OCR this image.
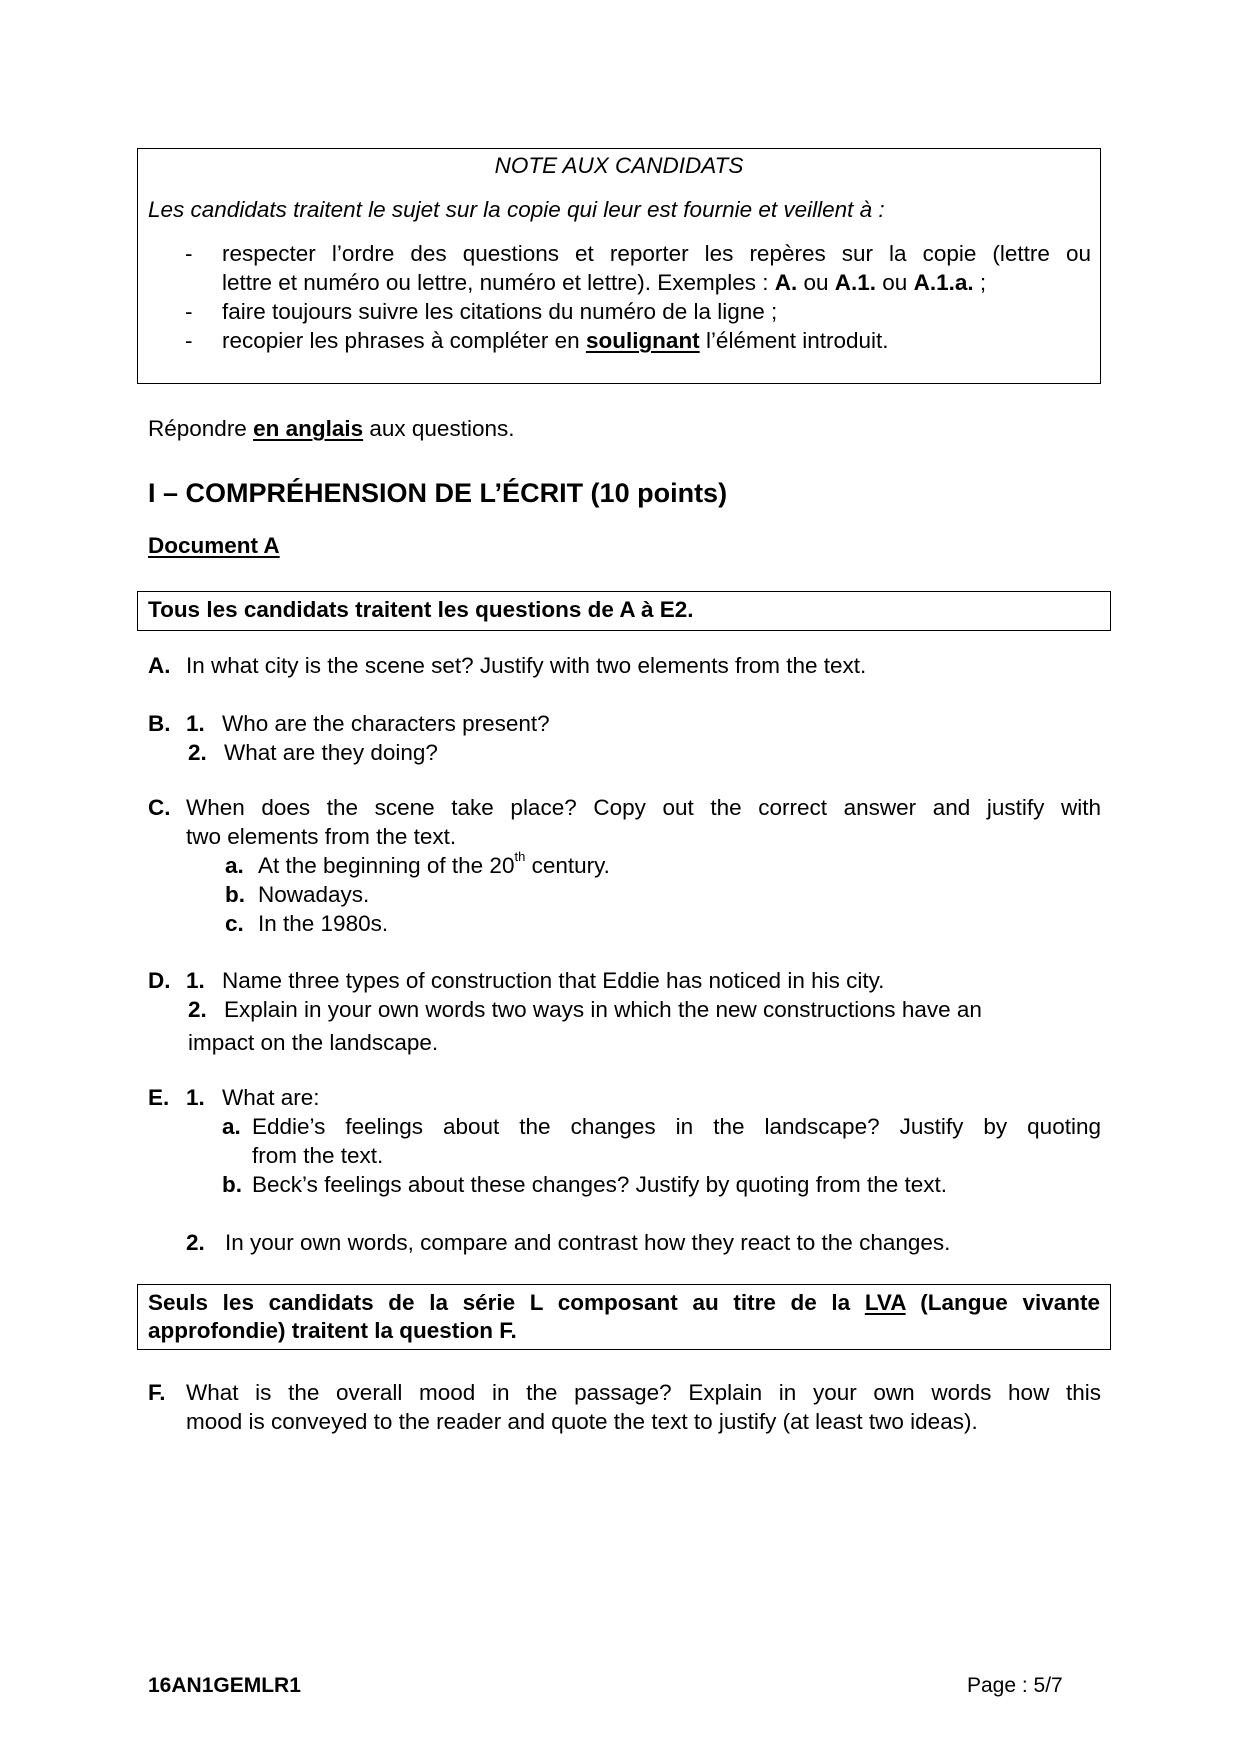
NOTE AUX CANDIDATS
Les candidats traitent le sujet sur la copie qui leur est fournie et veillent à :
- respecter l’ordre des questions et reporter les repères sur la copie (lettre ou
lettre et numéro ou lettre, numéro et lettre). Exemples : A. ou A.1. ou A.1.a. ;
- faire toujours suivre les citations du numéro de la ligne ;
- recopier les phrases à compléter en soulignant l’élément introduit.
Répondre en anglais aux questions.
I – COMPRÉHENSION DE L’ÉCRIT (10 points)
Document A
Tous les candidats traitent les questions de A à E2.
A. In what city is the scene set? Justify with two elements from the text.
B. 1. Who are the characters present?
2. What are they doing?
C. When does the scene take place? Copy out the correct answer and justify with
two elements from the text.
a. At the beginning of the 20th century.
b. Nowadays.
c. In the 1980s.
D. 1. Name three types of construction that Eddie has noticed in his city.
2. Explain in your own words two ways in which the new constructions have an
impact on the landscape.
E. 1. What are:
a. Eddie’s feelings about the changes in the landscape? Justify by quoting
from the text.
b. Beck’s feelings about these changes? Justify by quoting from the text.
2. In your own words, compare and contrast how they react to the changes.
Seuls les candidats de la série L composant au titre de la LVA (Langue vivante
approfondie) traitent la question F.
F. What is the overall mood in the passage? Explain in your own words how this
mood is conveyed to the reader and quote the text to justify (at least two ideas).
16AN1GEMLR1	Page : 5/7
